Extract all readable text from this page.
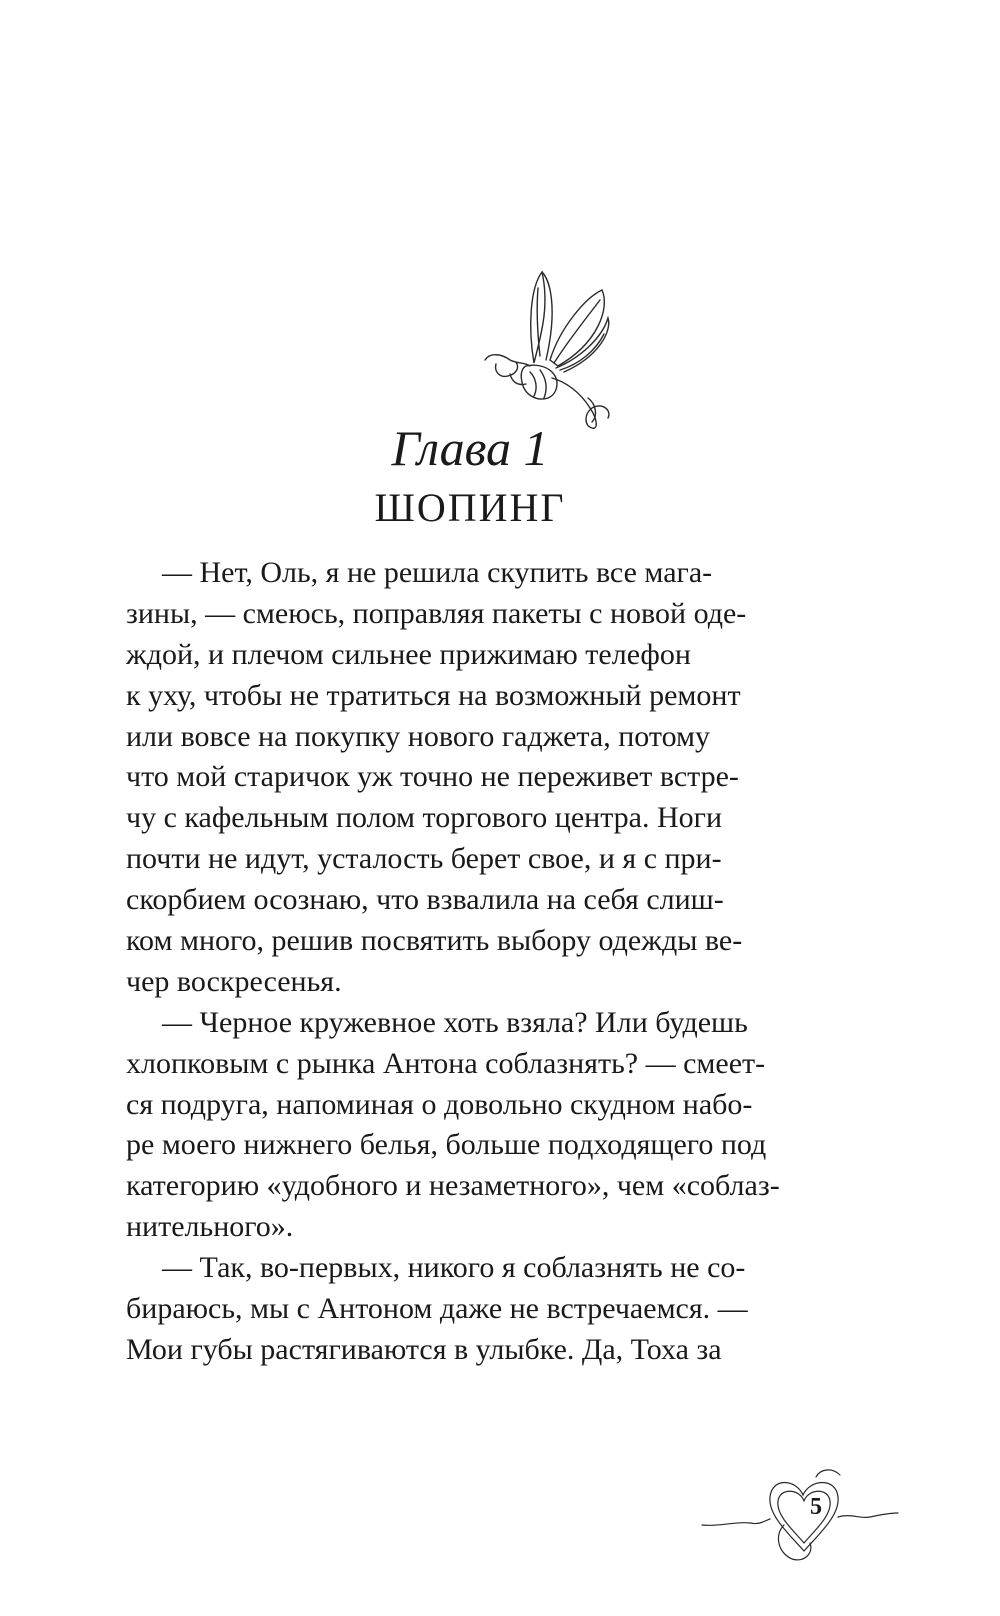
Глава 1
ШОПИНГ
— Нет, Оль, я не решила скупить все мага-
зины, — смеюсь, поправляя пакеты с новой оде-
ждой, и плечом сильнее прижимаю телефон
к уху, чтобы не тратиться на возможный ремонт
или вовсе на покупку нового гаджета, потому
что мой старичок уж точно не переживет встре-
чу с кафельным полом торгового центра. Ноги
почти не идут, усталость берет свое, и я с при-
скорбием осознаю, что взвалила на себя слиш-
ком много, решив посвятить выбору одежды ве-
чер воскресенья.
— Черное кружевное хоть взяла? Или будешь
хлопковым с рынка Антона соблазнять? — смеет-
ся подруга, напоминая о довольно скудном набо-
ре моего нижнего белья, больше подходящего под
категорию «удобного и незаметного», чем «соблаз-
нительного».
— Так, во-первых, никого я соблазнять не со-
бираюсь, мы с Антоном даже не встречаемся. —
Мои губы растягиваются в улыбке. Да, Тоха за
5
